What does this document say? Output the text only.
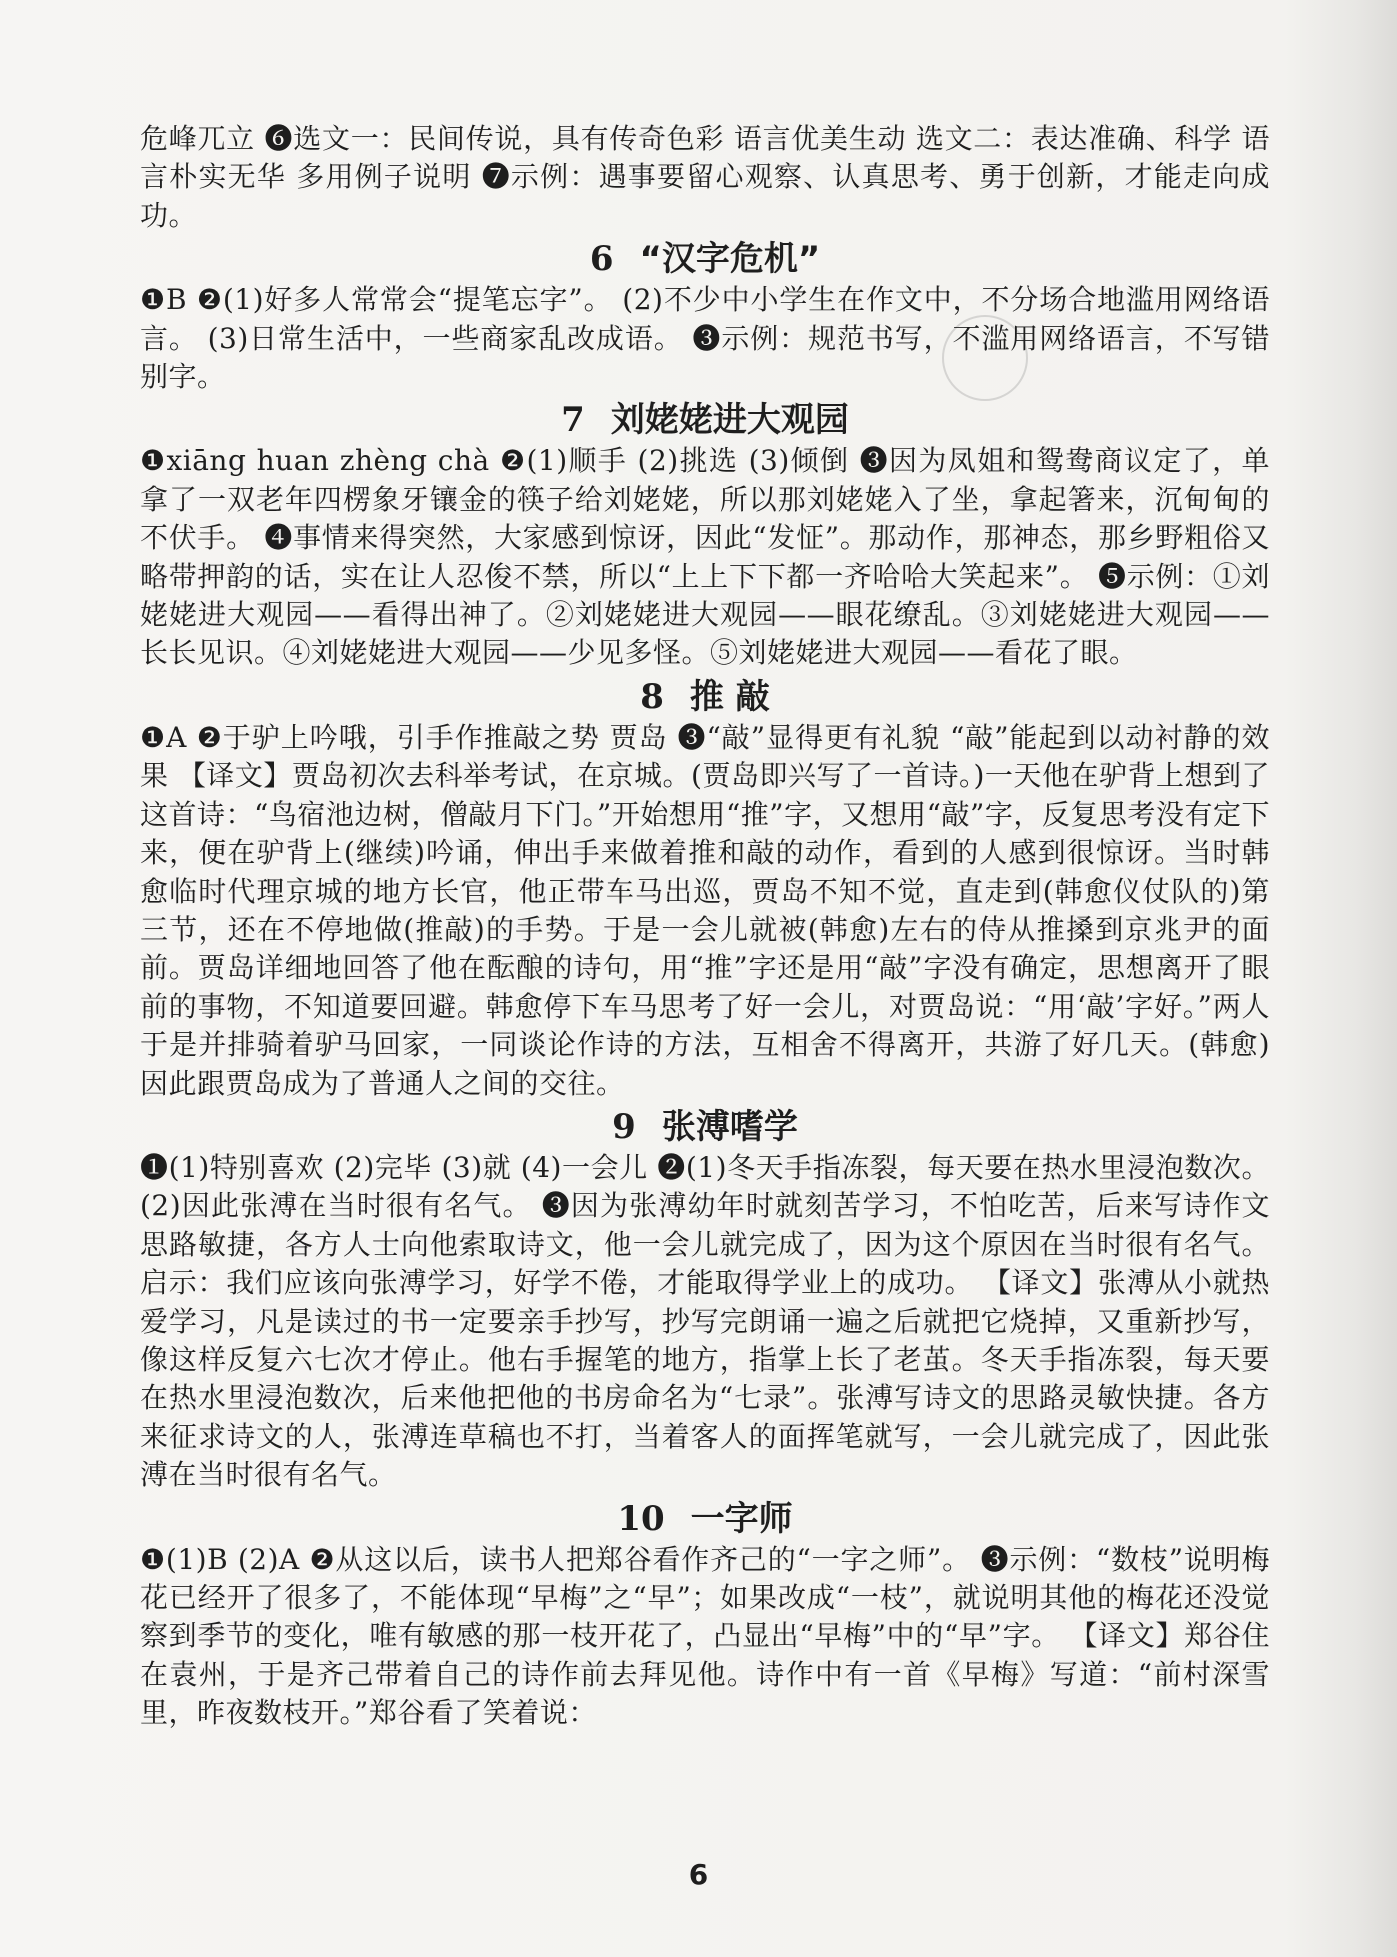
危峰兀立 ❻选文一：民间传说，具有传奇色彩 语言优美生动 选文二：表达准确、科学 语言朴实无华 多用例子说明 ❼示例：遇事要留心观察、认真思考、勇于创新，才能走向成功。

6 “汉字危机”

❶B ❷(1)好多人常常会“提笔忘字”。 (2)不少中小学生在作文中，不分场合地滥用网络语言。 (3)日常生活中，一些商家乱改成语。 ❸示例：规范书写，不滥用网络语言，不写错别字。

7 刘姥姥进大观园

❶xiāng huan zhèng chà ❷(1)顺手 (2)挑选 (3)倾倒 ❸因为凤姐和鸳鸯商议定了，单拿了一双老年四楞象牙镶金的筷子给刘姥姥，所以那刘姥姥入了坐，拿起箸来，沉甸甸的不伏手。 ❹事情来得突然，大家感到惊讶，因此“发怔”。那动作，那神态，那乡野粗俗又略带押韵的话，实在让人忍俊不禁，所以“上上下下都一齐哈哈大笑起来”。 ❺示例：①刘姥姥进大观园——看得出神了。②刘姥姥进大观园——眼花缭乱。③刘姥姥进大观园——长长见识。④刘姥姥进大观园——少见多怪。⑤刘姥姥进大观园——看花了眼。

8 推 敲

❶A ❷于驴上吟哦，引手作推敲之势 贾岛 ❸“敲”显得更有礼貌 “敲”能起到以动衬静的效果 【译文】贾岛初次去科举考试，在京城。(贾岛即兴写了一首诗。)一天他在驴背上想到了这首诗：“鸟宿池边树，僧敲月下门。”开始想用“推”字，又想用“敲”字，反复思考没有定下来，便在驴背上(继续)吟诵，伸出手来做着推和敲的动作，看到的人感到很惊讶。当时韩愈临时代理京城的地方长官，他正带车马出巡，贾岛不知不觉，直走到(韩愈仪仗队的)第三节，还在不停地做(推敲)的手势。于是一会儿就被(韩愈)左右的侍从推搡到京兆尹的面前。贾岛详细地回答了他在酝酿的诗句，用“推”字还是用“敲”字没有确定，思想离开了眼前的事物，不知道要回避。韩愈停下车马思考了好一会儿，对贾岛说：“用‘敲’字好。”两人于是并排骑着驴马回家，一同谈论作诗的方法，互相舍不得离开，共游了好几天。(韩愈)因此跟贾岛成为了普通人之间的交往。

9 张溥嗜学

❶(1)特别喜欢 (2)完毕 (3)就 (4)一会儿 ❷(1)冬天手指冻裂，每天要在热水里浸泡数次。 (2)因此张溥在当时很有名气。 ❸因为张溥幼年时就刻苦学习，不怕吃苦，后来写诗作文思路敏捷，各方人士向他索取诗文，他一会儿就完成了，因为这个原因在当时很有名气。启示：我们应该向张溥学习，好学不倦，才能取得学业上的成功。 【译文】张溥从小就热爱学习，凡是读过的书一定要亲手抄写，抄写完朗诵一遍之后就把它烧掉，又重新抄写，像这样反复六七次才停止。他右手握笔的地方，指掌上长了老茧。冬天手指冻裂，每天要在热水里浸泡数次，后来他把他的书房命名为“七录”。张溥写诗文的思路灵敏快捷。各方来征求诗文的人，张溥连草稿也不打，当着客人的面挥笔就写，一会儿就完成了，因此张溥在当时很有名气。

10 一字师

❶(1)B (2)A ❷从这以后，读书人把郑谷看作齐己的“一字之师”。 ❸示例：“数枝”说明梅花已经开了很多了，不能体现“早梅”之“早”；如果改成“一枝”，就说明其他的梅花还没觉察到季节的变化，唯有敏感的那一枝开花了，凸显出“早梅”中的“早”字。 【译文】郑谷住在袁州，于是齐己带着自己的诗作前去拜见他。诗作中有一首《早梅》写道：“前村深雪里，昨夜数枝开。”郑谷看了笑着说：

6
